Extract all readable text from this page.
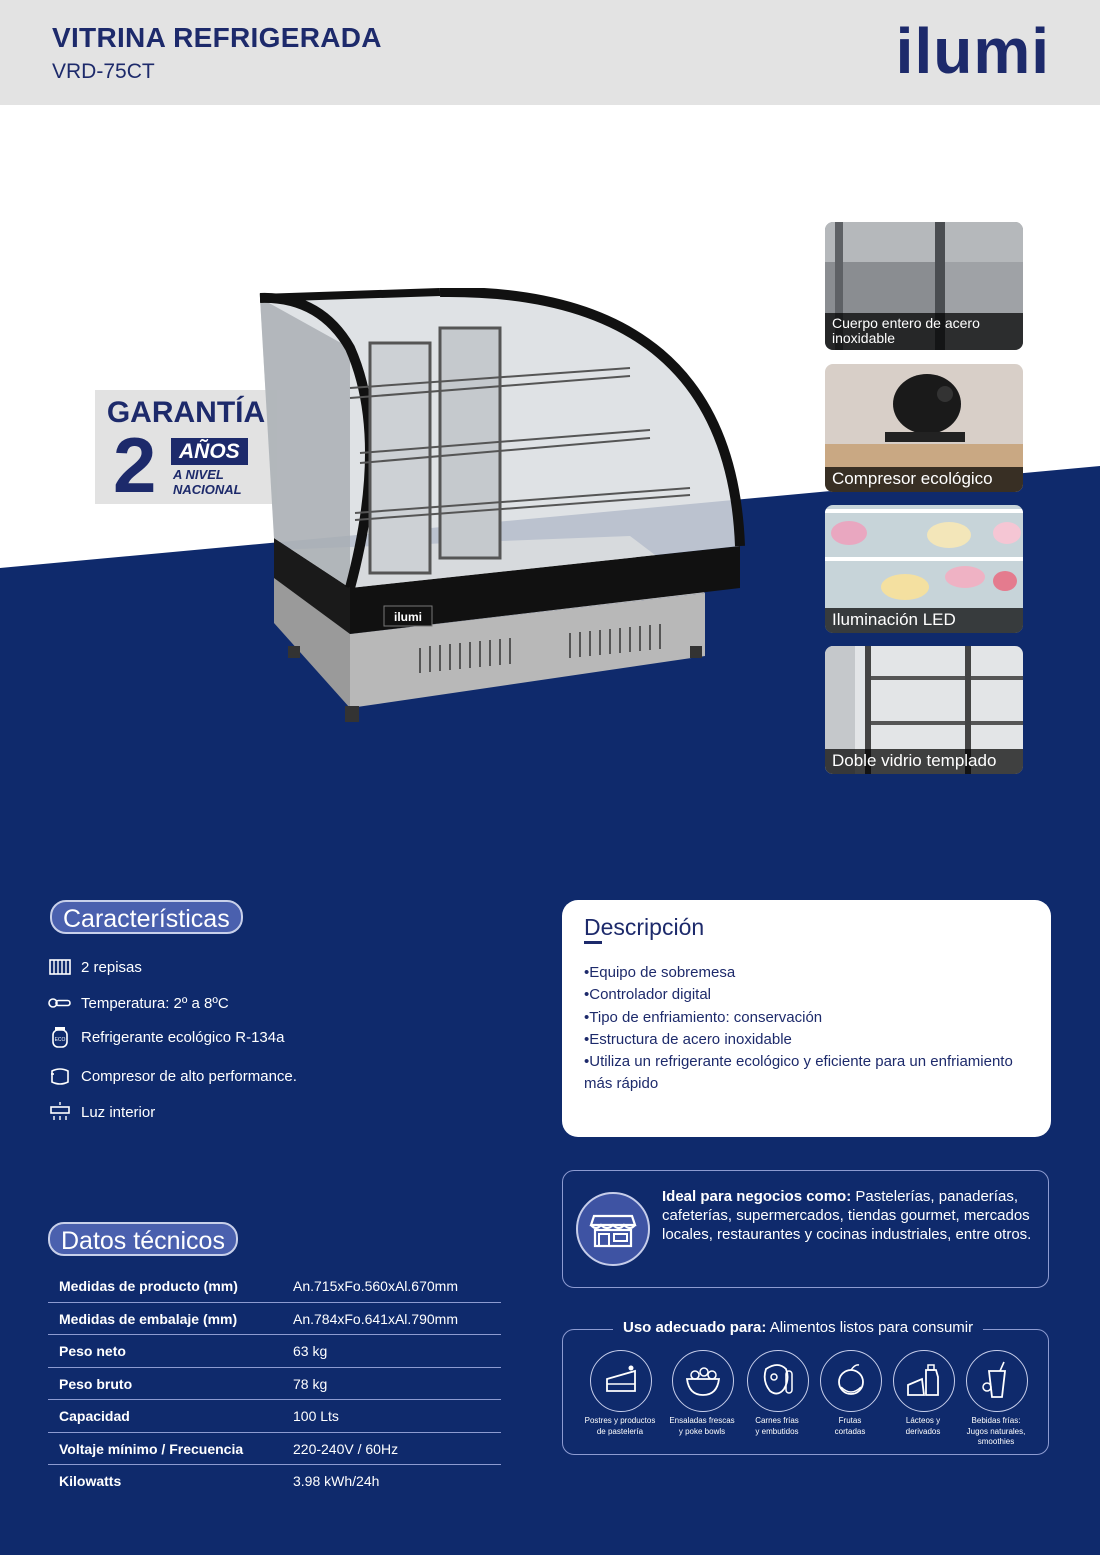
VITRINA REFRIGERADA
VRD-75CT	ilumi
GARANTÍA
2	AÑOS
A NIVEL
NACIONAL
ilumi
Cuerpo entero de acero inoxidable
Compresor ecológico
Iluminación LED
Doble vidrio templado
Características
2 repisas
Temperatura: 2º a 8ºC
ECO Refrigerante ecológico R-134a
Compresor de alto performance.
Luz interior
Descripción
•Equipo de sobremesa
•Controlador digital
•Tipo de enfriamiento: conservación
•Estructura de acero inoxidable
•Utiliza un refrigerante ecológico y eficiente para un enfriamiento más rápido
Ideal para negocios como: Pastelerías, panaderías, cafeterías, supermercados, tiendas gourmet, mercados locales, restaurantes y cocinas industriales, entre otros.
Datos técnicos
Medidas de producto (mm)	An.715xFo.560xAl.670mm
Medidas de embalaje (mm)	An.784xFo.641xAl.790mm
Peso neto	63 kg
Peso bruto	78 kg
Capacidad	100 Lts
Voltaje mínimo / Frecuencia	220-240V / 60Hz
Kilowatts	3.98 kWh/24h
Uso adecuado para: Alimentos listos para consumir
Postres y productos
de pastelería
Ensaladas frescas
y poke bowls
Carnes frías
y embutidos
Frutas
cortadas
Lácteos y
derivados
Bebidas frías:
Jugos naturales,
smoothies
